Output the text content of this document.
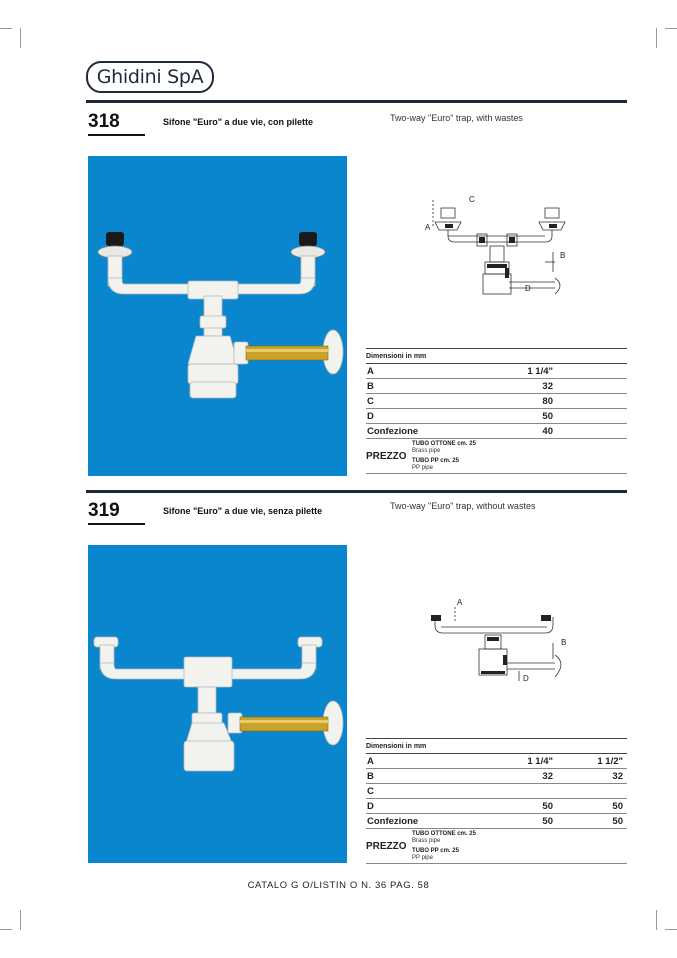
Ghidini SpA
318	Sifone "Euro" a due vie, con pilette	Two-way "Euro" trap, with wastes
A
B
C
D
Dimensioni in mm
A	1 1/4"
B	32
C	80
D	50
Confezione	40
PREZZO
TUBO OTTONE cm. 25
Brass pipe
TUBO PP cm. 25
PP pipe
319	Sifone "Euro" a due vie, senza pilette	Two-way "Euro" trap, without wastes
A
B
D
Dimensioni in mm
A	1 1/4"	1 1/2"
B	32	32
C
D	50	50
Confezione	50	50
PREZZO
TUBO OTTONE cm. 25
Brass pipe
TUBO PP cm. 25
PP pipe
CATALO G O/LISTIN O N. 36 PAG. 58
